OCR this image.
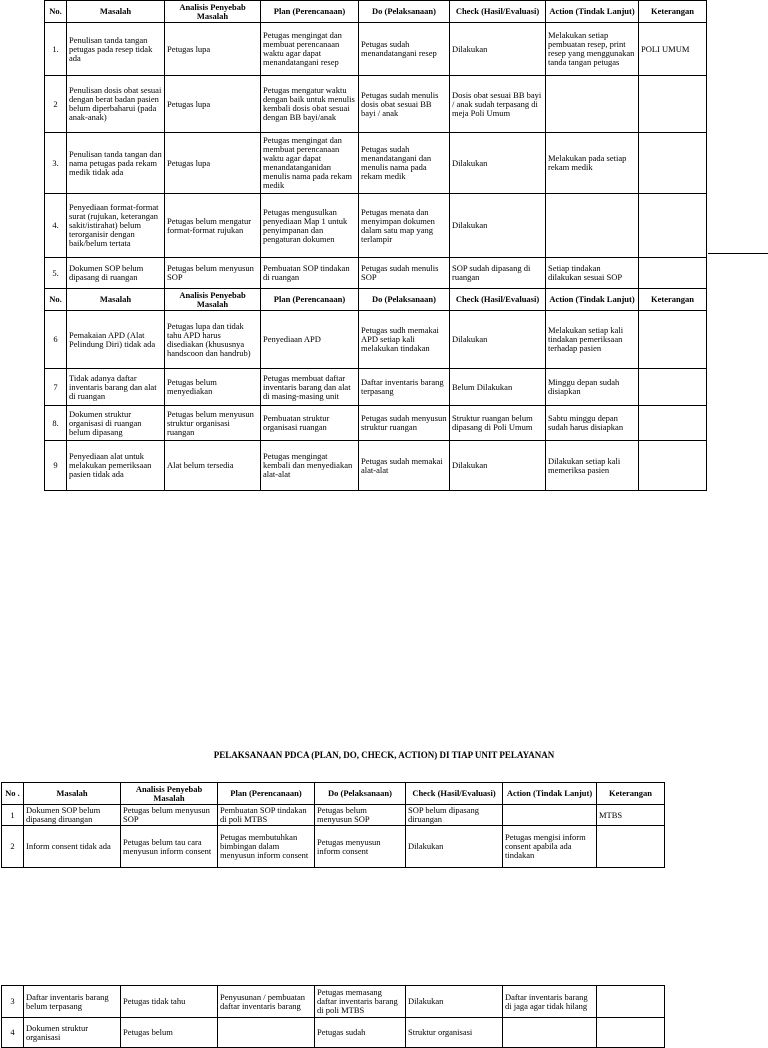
No.	Masalah	Analisis Penyebab Masalah	Plan (Perencanaan)	Do (Pelaksanaan)	Check (Hasil/Evaluasi)	Action (Tindak Lanjut)	Keterangan
1.	Penulisan tanda tangan petugas pada resep tidak ada	Petugas lupa	Petugas mengingat dan membuat perencanaan waktu agar dapat menandatangani resep	Petugas sudah menandatangani resep	Dilakukan	Melakukan setiap pembuatan resep, print resep yang menggunakan tanda tangan petugas	POLI UMUM
2	Penulisan dosis obat sesuai dengan berat badan pasien belum diperbaharui (pada anak-anak)	Petugas lupa	Petugas mengatur waktu dengan baik untuk menulis kembali dosis obat sesuai dengan BB bayi/anak	Petugas sudah menulis dosis obat sesuai BB bayi / anak	Dosis obat sesuai BB bayi / anak sudah terpasang di meja Poli Umum		
3.	Penulisan tanda tangan dan nama petugas pada rekam medik tidak ada	Petugas lupa	Petugas mengingat dan membuat perencanaan waktu agar dapat menandatanganidan menulis nama pada rekam medik	Petugas sudah menandatangani dan menulis nama pada rekam medik	Dilakukan	Melakukan pada setiap rekam medik	
4.	Penyediaan format-format surat (rujukan, keterangan sakit/istirahat) belum terorganisir dengan baik/belum tertata	Petugas belum mengatur format-format rujukan	Petugas mengusulkan penyediaan Map 1 untuk penyimpanan dan pengaturan dokumen	Petugas menata dan menyimpan dokumen dalam satu map yang terlampir	Dilakukan		
5.	Dokumen SOP belum dipasang di ruangan	Petugas belum menyusun SOP	Pembuatan SOP tindakan di ruangan	Petugas sudah menulis SOP	SOP sudah dipasang di ruangan	Setiap tindakan dilakukan sesuai SOP	
No.	Masalah	Analisis Penyebab Masalah	Plan (Perencanaan)	Do (Pelaksanaan)	Check (Hasil/Evaluasi)	Action (Tindak Lanjut)	Keterangan
6	Pemakaian APD (Alat Pelindung Diri) tidak ada	Petugas lupa dan tidak tahu APD harus disediakan (khususnya handscoon dan handrub)	Penyediaan APD	Petugas sudh memakai APD setiap kali melakukan tindakan	Dilakukan	Melakukan setiap kali tindakan pemeriksaan terhadap pasien	
7	Tidak adanya daftar inventaris barang dan alat di ruangan	Petugas belum menyediakan	Petugas membuat daftar inventaris barang dan alat di masing-masing unit	Daftar inventaris barang terpasang	Belum Dilakukan	Minggu depan sudah disiapkan	
8.	Dokumen struktur organisasi di ruangan belum dipasang	Petugas belum menyusun struktur organisasi ruangan	Pembuatan struktur organisasi ruangan	Petugas sudah menyusun struktur ruangan	Struktur ruangan belum dipasang di Poli Umum	Sabtu minggu depan sudah harus disiapkan	
9	Penyediaan alat untuk melakukan pemeriksaan pasien tidak ada	Alat belum tersedia	Petugas mengingat kembali dan menyediakan alat-alat	Petugas sudah memakai alat-alat	Dilakukan	Dilakukan setiap kali memeriksa pasien	
PELAKSANAAN PDCA (PLAN, DO, CHECK, ACTION) DI TIAP UNIT PELAYANAN
No .	Masalah	Analisis Penyebab Masalah	Plan (Perencanaan)	Do (Pelaksanaan)	Check (Hasil/Evaluasi)	Action (Tindak Lanjut)	Keterangan
1	Dokumen SOP belum dipasang diruangan	Petugas belum menyusun SOP	Pembuatan SOP tindakan di poli MTBS	Petugas belum menyusun SOP	SOP belum dipasang diruangan		MTBS
2	Inform consent tidak ada	Petugas belum tau cara menyusun inform consent	Petugas membutuhkan bimbingan dalam menyusun inform consent	Petugas menyusun inform consent	Dilakukan	Petugas mengisi inform consent apabila ada tindakan	
3	Daftar inventaris barang belum terpasang	Petugas tidak tahu	Penyusunan / pembuatan daftar inventaris barang	Petugas memasang daftar inventaris barang di poli MTBS	Dilakukan	Daftar inventaris barang di jaga agar tidak hilang	
4	Dokumen struktur organisasi	Petugas belum		Petugas sudah	Struktur organisasi		
